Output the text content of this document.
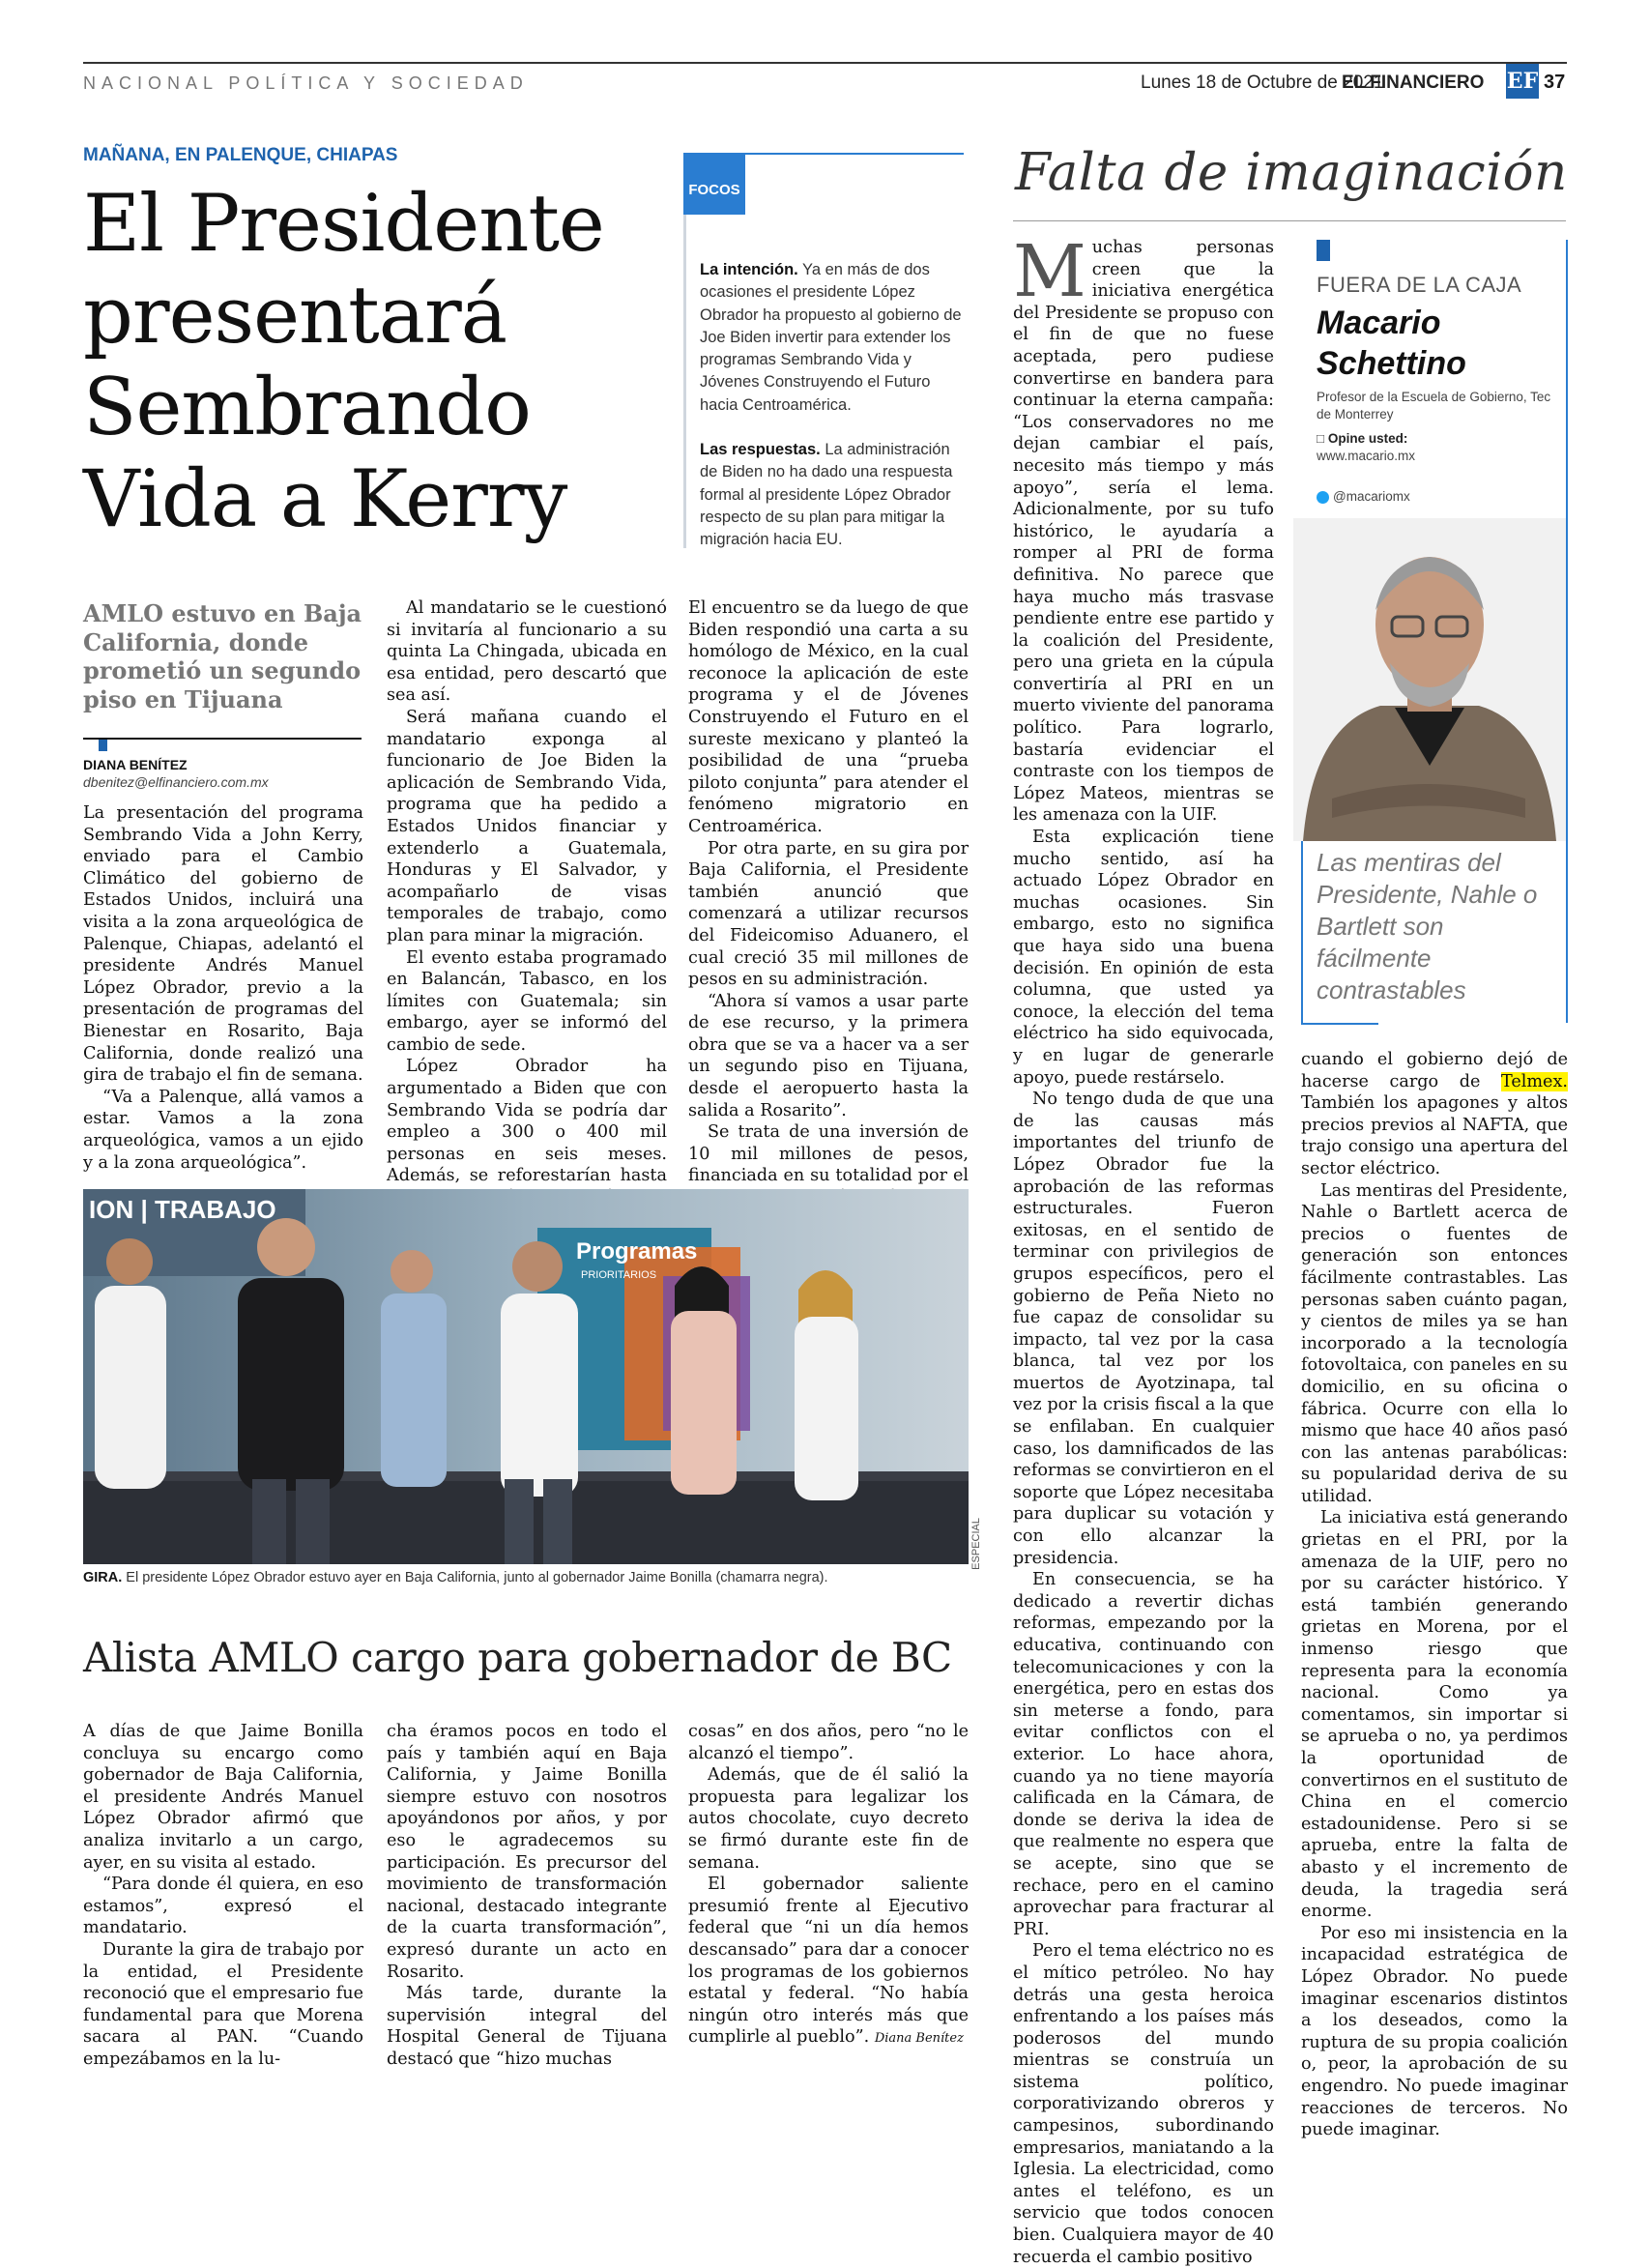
NACIONAL POLÍTICA Y SOCIEDAD	Lunes 18 de Octubre de 2021
EL FINANCIERO EF 37
MAÑANA, EN PALENQUE, CHIAPAS
El Presidente presentará Sembrando Vida a Kerry
FOCOS

La intención. Ya en más de dos ocasiones el presidente López Obrador ha propuesto al gobierno de Joe Biden invertir para extender los programas Sembrando Vida y Jóvenes Construyendo el Futuro hacia Centroamérica.

Las respuestas. La administración de Biden no ha dado una respuesta formal al presidente López Obrador respecto de su plan para mitigar la migración hacia EU.

AMLO estuvo en Baja California, donde prometió un segundo piso en Tijuana
DIANA BENÍTEZ
dbenitez@elfinanciero.com.mx

La presentación del programa Sembrando Vida a John Kerry, enviado para el Cambio Climático del gobierno de Estados Unidos, incluirá una visita a la zona arqueológica de Palenque, Chiapas, adelantó el presidente Andrés Manuel López Obrador, previo a la presentación de programas del Bienestar en Rosarito, Baja California, donde realizó una gira de trabajo el fin de semana.

“Va a Palenque, allá vamos a estar. Vamos a la zona arqueológica, vamos a un ejido y a la zona arqueológica”.

Al mandatario se le cuestionó si invitaría al funcionario a su quinta La Chingada, ubicada en esa entidad, pero descartó que sea así.

Será mañana cuando el mandatario exponga al funcionario de Joe Biden la aplicación de Sembrando Vida, programa que ha pedido a Estados Unidos financiar y extenderlo a Guatemala, Honduras y El Salvador, y acompañarlo de visas temporales de trabajo, como plan para minar la migración.

El evento estaba programado en Balancán, Tabasco, en los límites con Guatemala; sin embargo, ayer se informó del cambio de sede.

López Obrador ha argumentado a Biden que con Sembrando Vida se podría dar empleo a 300 o 400 mil personas en seis meses. Además, se reforestarían hasta

El encuentro se da luego de que Biden respondió una carta a su homólogo de México, en la cual reconoce la aplicación de este programa y el de Jóvenes Construyendo el Futuro en el sureste mexicano y planteó la posibilidad de una “prueba piloto conjunta” para atender el fenómeno migratorio en Centroamérica.

Por otra parte, en su gira por Baja California, el Presidente también anunció que comenzará a utilizar recursos del Fideicomiso Aduanero, el cual creció 35 mil millones de pesos en su administración.

“Ahora sí vamos a usar parte de ese recurso, y la primera obra que se va a hacer va a ser un segundo piso en Tijuana, desde el aeropuerto hasta la salida a Rosarito”.

Se trata de una inversión de 10 mil millones de pesos, financiada en su totalidad por el

ION | TRABAJO
Programas
PRIORITARIOS
ESPECIAL
GIRA. El presidente López Obrador estuvo ayer en Baja California, junto al gobernador Jaime Bonilla (chamarra negra).
Alista AMLO cargo para gobernador de BC

A días de que Jaime Bonilla concluya su encargo como gobernador de Baja California, el presidente Andrés Manuel López Obrador afirmó que analiza invitarlo a un cargo, ayer, en su visita al estado.

“Para donde él quiera, en eso estamos”, expresó el mandatario.

Durante la gira de trabajo por la entidad, el Presidente reconoció que el empresario fue fundamental para que Morena sacara al PAN. “Cuando empezábamos en la lu-

cha éramos pocos en todo el país y también aquí en Baja California, y Jaime Bonilla siempre estuvo con nosotros apoyándonos por años, y por eso le agradecemos su participación. Es precursor del movimiento de transformación nacional, destacado integrante de la cuarta transformación”, expresó durante un acto en Rosarito.

Más tarde, durante la supervisión integral del Hospital General de Tijuana destacó que “hizo muchas

cosas” en dos años, pero “no le alcanzó el tiempo”.

Además, que de él salió la propuesta para legalizar los autos chocolate, cuyo decreto se firmó durante este fin de semana.

El gobernador saliente presumió frente al Ejecutivo federal que “ni un día hemos descansado” para dar a conocer los programas de los gobiernos estatal y federal. “No había ningún otro interés más que cumplirle al pueblo”. Diana Benítez

Falta de imaginación
FUERA DE LA CAJA
Macario Schettino
Profesor de la Escuela de Gobierno, Tec de Monterrey
□ Opine usted:
www.macario.mx
@macariomx
Las mentiras del Presidente, Nahle o Bartlett son fácilmente contrastables

Muchas personas creen que la iniciativa energética del Presidente se propuso con el fin de que no fuese aceptada, pero pudiese convertirse en bandera para continuar la eterna campaña: “Los conservadores no me dejan cambiar el país, necesito más tiempo y más apoyo”, sería el lema. Adicionalmente, por su tufo histórico, le ayudaría a romper al PRI de forma definitiva. No parece que haya mucho más trasvase pendiente entre ese partido y la coalición del Presidente, pero una grieta en la cúpula convertiría al PRI en un muerto viviente del panorama político. Para lograrlo, bastaría evidenciar el contraste con los tiempos de López Mateos, mientras se les amenaza con la UIF.

Esta explicación tiene mucho sentido, así ha actuado López Obrador en muchas ocasiones. Sin embargo, esto no significa que haya sido una buena decisión. En opinión de esta columna, que usted ya conoce, la elección del tema eléctrico ha sido equivocada, y en lugar de generarle apoyo, puede restárselo.

No tengo duda de que una de las causas más importantes del triunfo de López Obrador fue la aprobación de las reformas estructurales. Fueron exitosas, en el sentido de terminar con privilegios de grupos específicos, pero el gobierno de Peña Nieto no fue capaz de consolidar su impacto, tal vez por la casa blanca, tal vez por los muertos de Ayotzinapa, tal vez por la crisis fiscal a la que se enfilaban. En cualquier caso, los damnificados de las reformas se convirtieron en el soporte que López necesitaba para duplicar su votación y con ello alcanzar la presidencia.

En consecuencia, se ha dedicado a revertir dichas reformas, empezando por la educativa, continuando con telecomunicaciones y con la energética, pero en estas dos sin meterse a fondo, para evitar conflictos con el exterior. Lo hace ahora, cuando ya no tiene mayoría calificada en la Cámara, de donde se deriva la idea de que realmente no espera que se acepte, sino que se rechace, pero en el camino aprovechar para fracturar al PRI.

Pero el tema eléctrico no es el mítico petróleo. No hay detrás una gesta heroica enfrentando a los países más poderosos del mundo mientras se construía un sistema político, corporativizando obreros y campesinos, subordinando empresarios, maniatando a la Iglesia. La electricidad, como antes el teléfono, es un servicio que todos conocen bien. Cualquiera mayor de 40 recuerda el cambio positivo

cuando el gobierno dejó de hacerse cargo de Telmex. También los apagones y altos precios previos al NAFTA, que trajo consigo una apertura del sector eléctrico.

Las mentiras del Presidente, Nahle o Bartlett acerca de precios o fuentes de generación son entonces fácilmente contrastables. Las personas saben cuánto pagan, y cientos de miles ya se han incorporado a la tecnología fotovoltaica, con paneles en su domicilio, en su oficina o fábrica. Ocurre con ella lo mismo que hace 40 años pasó con las antenas parabólicas: su popularidad deriva de su utilidad.

La iniciativa está generando grietas en el PRI, por la amenaza de la UIF, pero no por su carácter histórico. Y está también generando grietas en Morena, por el inmenso riesgo que representa para la economía nacional. Como ya comentamos, sin importar si se aprueba o no, ya perdimos la oportunidad de convertirnos en el sustituto de China en el comercio estadounidense. Pero si se aprueba, entre la falta de abasto y el incremento de deuda, la tragedia será enorme.

Por eso mi insistencia en la incapacidad estratégica de López Obrador. No puede imaginar escenarios distintos a los deseados, como la ruptura de su propia coalición o, peor, la aprobación de su engendro. No puede imaginar reacciones de terceros. No puede imaginar.
